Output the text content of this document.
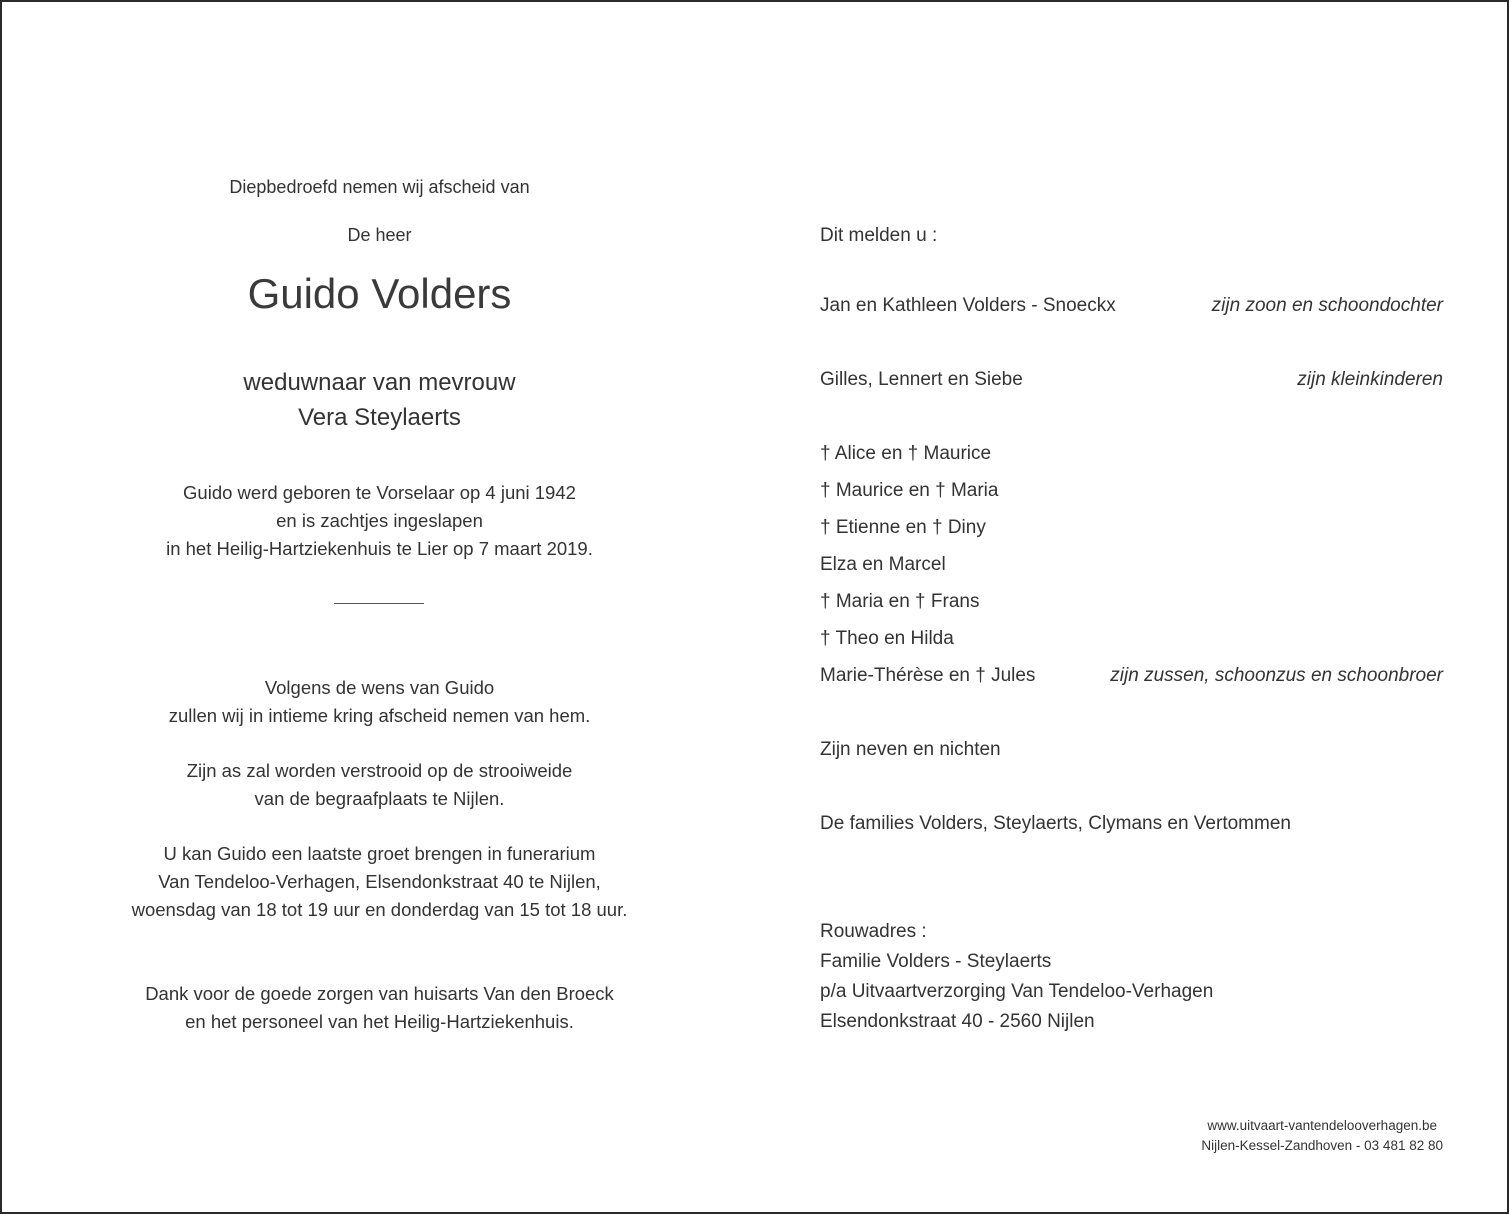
Diepbedroefd nemen wij afscheid van
De heer
Guido Volders
weduwnaar van mevrouw
Vera Steylaerts
Guido werd geboren te Vorselaar op 4 juni 1942
en is zachtjes ingeslapen
in het Heilig-Hartziekenhuis te Lier op 7 maart 2019.
Volgens de wens van Guido
zullen wij in intieme kring afscheid nemen van hem.
Zijn as zal worden verstrooid op de strooiweide
van de begraafplaats te Nijlen.
U kan Guido een laatste groet brengen in funerarium
Van Tendeloo-Verhagen, Elsendonkstraat 40 te Nijlen,
woensdag van 18 tot 19 uur en donderdag van 15 tot 18 uur.
Dank voor de goede zorgen van huisarts Van den Broeck
en het personeel van het Heilig-Hartziekenhuis.
Dit melden u :
Jan en Kathleen Volders - Snoeckx	zijn zoon en schoondochter
Gilles, Lennert en Siebe	zijn kleinkinderen
† Alice en † Maurice
† Maurice en † Maria
† Etienne en † Diny
Elza en Marcel
† Maria en † Frans
† Theo en Hilda
Marie-Thérèse en † Jules	zijn zussen, schoonzus en schoonbroer
Zijn neven en nichten
De families Volders, Steylaerts, Clymans en Vertommen
Rouwadres :
Familie Volders - Steylaerts
p/a Uitvaartverzorging Van Tendeloo-Verhagen
Elsendonkstraat 40 - 2560 Nijlen
www.uitvaart-vantendelooverhagen.be
Nijlen-Kessel-Zandhoven - 03 481 82 80
